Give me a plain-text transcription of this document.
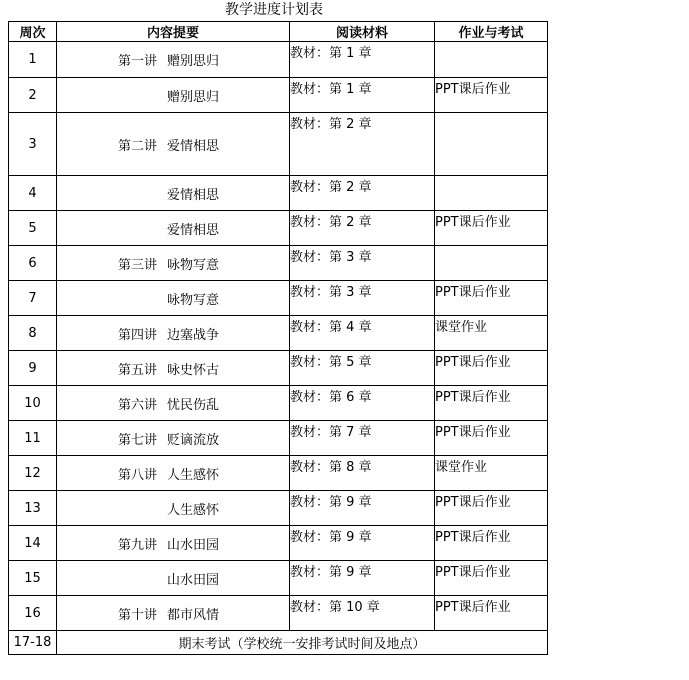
教学进度计划表
周次	内容提要	阅读材料	作业与考试
1	第一讲 赠别思归	教材：第 1 章	
2	赠别思归	教材：第 1 章	PPT课后作业
3	第二讲 爱情相思	教材：第 2 章	
4	爱情相思	教材：第 2 章	
5	爱情相思	教材：第 2 章	PPT课后作业
6	第三讲 咏物写意	教材：第 3 章	
7	咏物写意	教材：第 3 章	PPT课后作业
8	第四讲 边塞战争	教材：第 4 章	课堂作业
9	第五讲 咏史怀古	教材：第 5 章	PPT课后作业
10	第六讲 忧民伤乱	教材：第 6 章	PPT课后作业
11	第七讲 贬谪流放	教材：第 7 章	PPT课后作业
12	第八讲 人生感怀	教材：第 8 章	课堂作业
13	人生感怀	教材：第 9 章	PPT课后作业
14	第九讲 山水田园	教材：第 9 章	PPT课后作业
15	山水田园	教材：第 9 章	PPT课后作业
16	第十讲 都市风情	教材：第 10 章	PPT课后作业
17-18	期末考试（学校统一安排考试时间及地点）		
